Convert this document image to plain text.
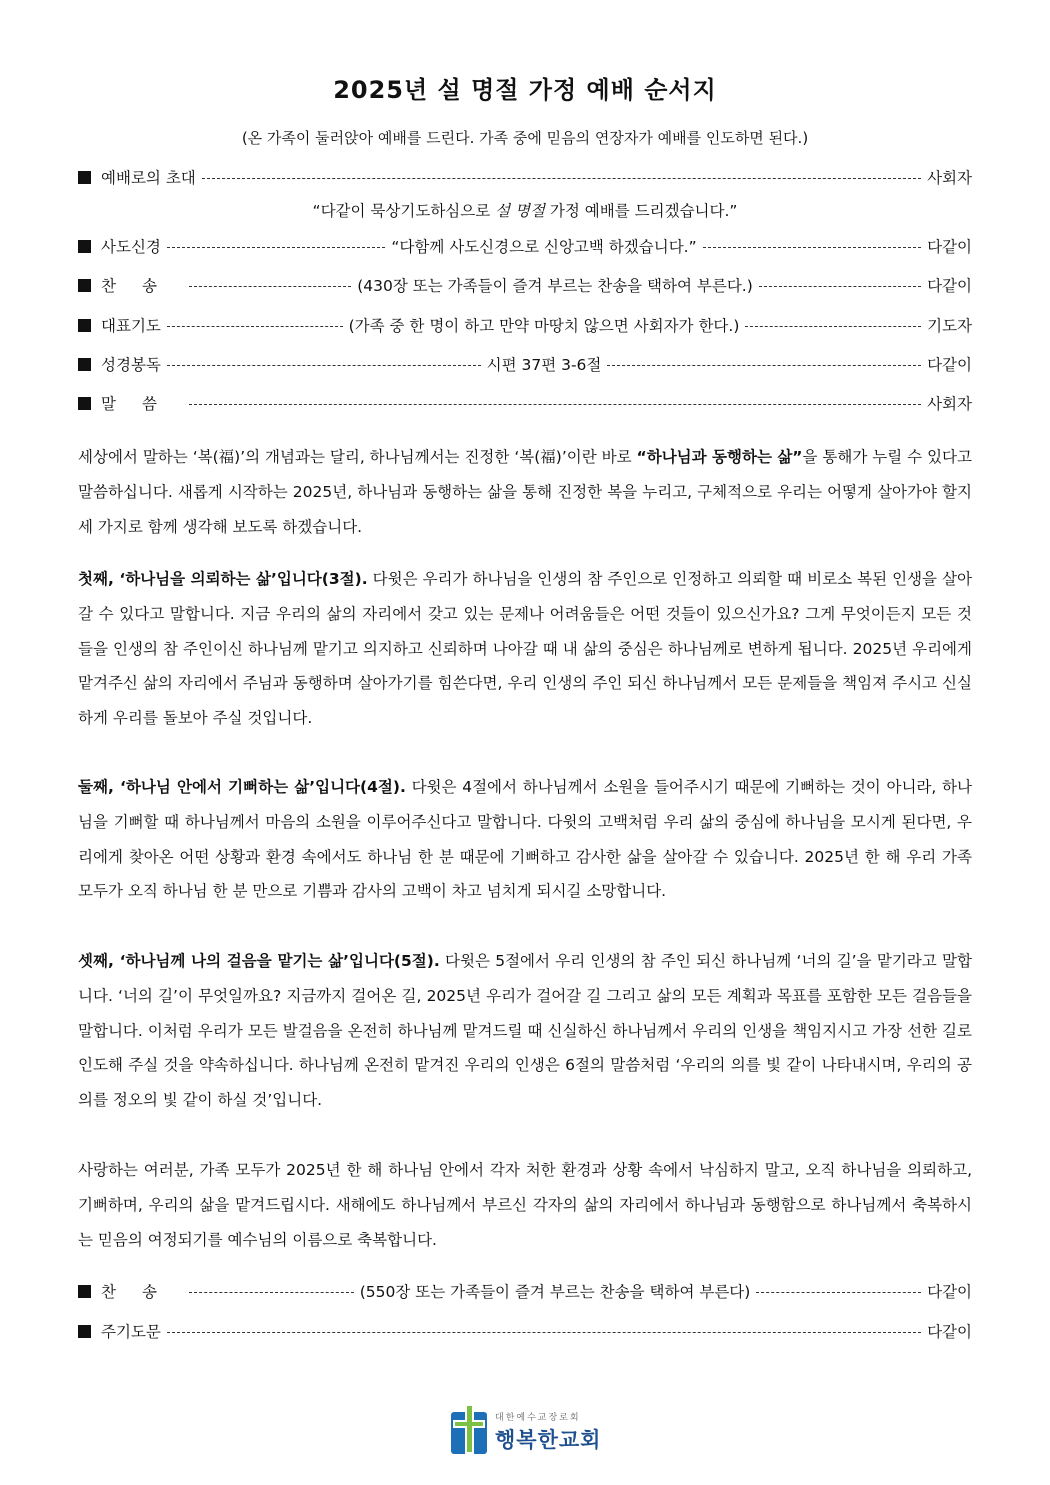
2025년 설 명절 가정 예배 순서지
(온 가족이 둘러앉아 예배를 드린다. 가족 중에 믿음의 연장자가 예배를 인도하면 된다.)
예배로의 초대	사회자
“다같이 묵상기도하심으로 설 명절 가정 예배를 드리겠습니다.”
사도신경	“다함께 사도신경으로 신앙고백 하겠습니다.”	다같이
찬송	(430장 또는 가족들이 즐겨 부르는 찬송을 택하여 부른다.)	다같이
대표기도	(가족 중 한 명이 하고 만약 마땅치 않으면 사회자가 한다.)	기도자
성경봉독	시편 37편 3-6절	다같이
말씀	사회자

세상에서 말하는 ‘복(福)’의 개념과는 달리, 하나님께서는 진정한 ‘복(福)’이란 바로 “하나님과 동행하는 삶”을 통해가 누릴 수 있다고 말씀하십니다. 새롭게 시작하는 2025년, 하나님과 동행하는 삶을 통해 진정한 복을 누리고, 구체적으로 우리는 어떻게 살아가야 할지 세 가지로 함께 생각해 보도록 하겠습니다.

첫째, ‘하나님을 의뢰하는 삶’입니다(3절). 다윗은 우리가 하나님을 인생의 참 주인으로 인정하고 의뢰할 때 비로소 복된 인생을 살아갈 수 있다고 말합니다. 지금 우리의 삶의 자리에서 갖고 있는 문제나 어려움들은 어떤 것들이 있으신가요? 그게 무엇이든지 모든 것들을 인생의 참 주인이신 하나님께 맡기고 의지하고 신뢰하며 나아갈 때 내 삶의 중심은 하나님께로 변하게 됩니다. 2025년 우리에게 맡겨주신 삶의 자리에서 주님과 동행하며 살아가기를 힘쓴다면, 우리 인생의 주인 되신 하나님께서 모든 문제들을 책임져 주시고 신실하게 우리를 돌보아 주실 것입니다.

둘째, ‘하나님 안에서 기뻐하는 삶’입니다(4절). 다윗은 4절에서 하나님께서 소원을 들어주시기 때문에 기뻐하는 것이 아니라, 하나님을 기뻐할 때 하나님께서 마음의 소원을 이루어주신다고 말합니다. 다윗의 고백처럼 우리 삶의 중심에 하나님을 모시게 된다면, 우리에게 찾아온 어떤 상황과 환경 속에서도 하나님 한 분 때문에 기뻐하고 감사한 삶을 살아갈 수 있습니다. 2025년 한 해 우리 가족 모두가 오직 하나님 한 분 만으로 기쁨과 감사의 고백이 차고 넘치게 되시길 소망합니다.

셋째, ‘하나님께 나의 걸음을 맡기는 삶’입니다(5절). 다윗은 5절에서 우리 인생의 참 주인 되신 하나님께 ‘너의 길’을 맡기라고 말합니다. ‘너의 길’이 무엇일까요? 지금까지 걸어온 길, 2025년 우리가 걸어갈 길 그리고 삶의 모든 계획과 목표를 포함한 모든 걸음들을 말합니다. 이처럼 우리가 모든 발걸음을 온전히 하나님께 맡겨드릴 때 신실하신 하나님께서 우리의 인생을 책임지시고 가장 선한 길로 인도해 주실 것을 약속하십니다. 하나님께 온전히 맡겨진 우리의 인생은 6절의 말씀처럼 ‘우리의 의를 빛 같이 나타내시며, 우리의 공의를 정오의 빛 같이 하실 것’입니다.

사랑하는 여러분, 가족 모두가 2025년 한 해 하나님 안에서 각자 처한 환경과 상황 속에서 낙심하지 말고, 오직 하나님을 의뢰하고, 기뻐하며, 우리의 삶을 맡겨드립시다. 새해에도 하나님께서 부르신 각자의 삶의 자리에서 하나님과 동행함으로 하나님께서 축복하시는 믿음의 여정되기를 예수님의 이름으로 축복합니다.

찬송	(550장 또는 가족들이 즐겨 부르는 찬송을 택하여 부른다)	다같이
주기도문	다같이
대한예수교장로회
행복한교회
